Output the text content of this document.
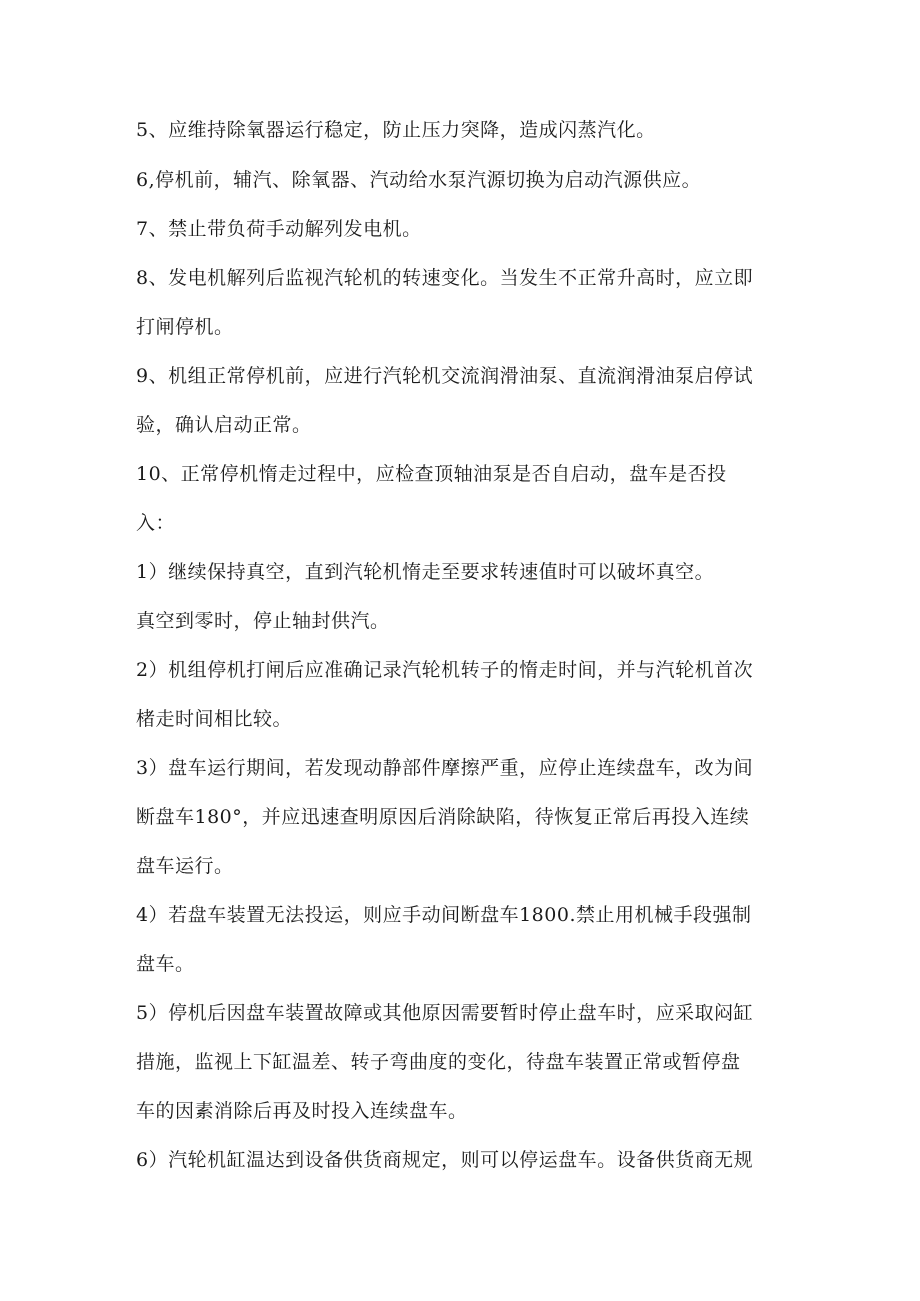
5、应维持除氧器运行稳定，防止压力突降，造成闪蒸汽化。
6,停机前，辅汽、除氧器、汽动给水泵汽源切换为启动汽源供应。
7、禁止带负荷手动解列发电机。
8、发电机解列后监视汽轮机的转速变化。当发生不正常升高时，应立即
打闸停机。
9、机组正常停机前，应进行汽轮机交流润滑油泵、直流润滑油泵启停试
验，确认启动正常。
10、正常停机惰走过程中，应检查顶轴油泵是否自启动，盘车是否投
入：
1）继续保持真空，直到汽轮机惰走至要求转速值时可以破坏真空。
真空到零时，停止轴封供汽。
2）机组停机打闸后应准确记录汽轮机转子的惰走时间，并与汽轮机首次
楮走时间相比较。
3）盘车运行期间，若发现动静部件摩擦严重，应停止连续盘车，改为间
断盘车180°，并应迅速查明原因后消除缺陷，待恢复正常后再投入连续
盘车运行。
4）若盘车装置无法投运，则应手动间断盘车1800.禁止用机械手段强制
盘车。
5）停机后因盘车装置故障或其他原因需要暂时停止盘车时，应采取闷缸
措施，监视上下缸温差、转子弯曲度的变化，待盘车装置正常或暂停盘
车的因素消除后再及时投入连续盘车。
6）汽轮机缸温达到设备供货商规定，则可以停运盘车。设备供货商无规
